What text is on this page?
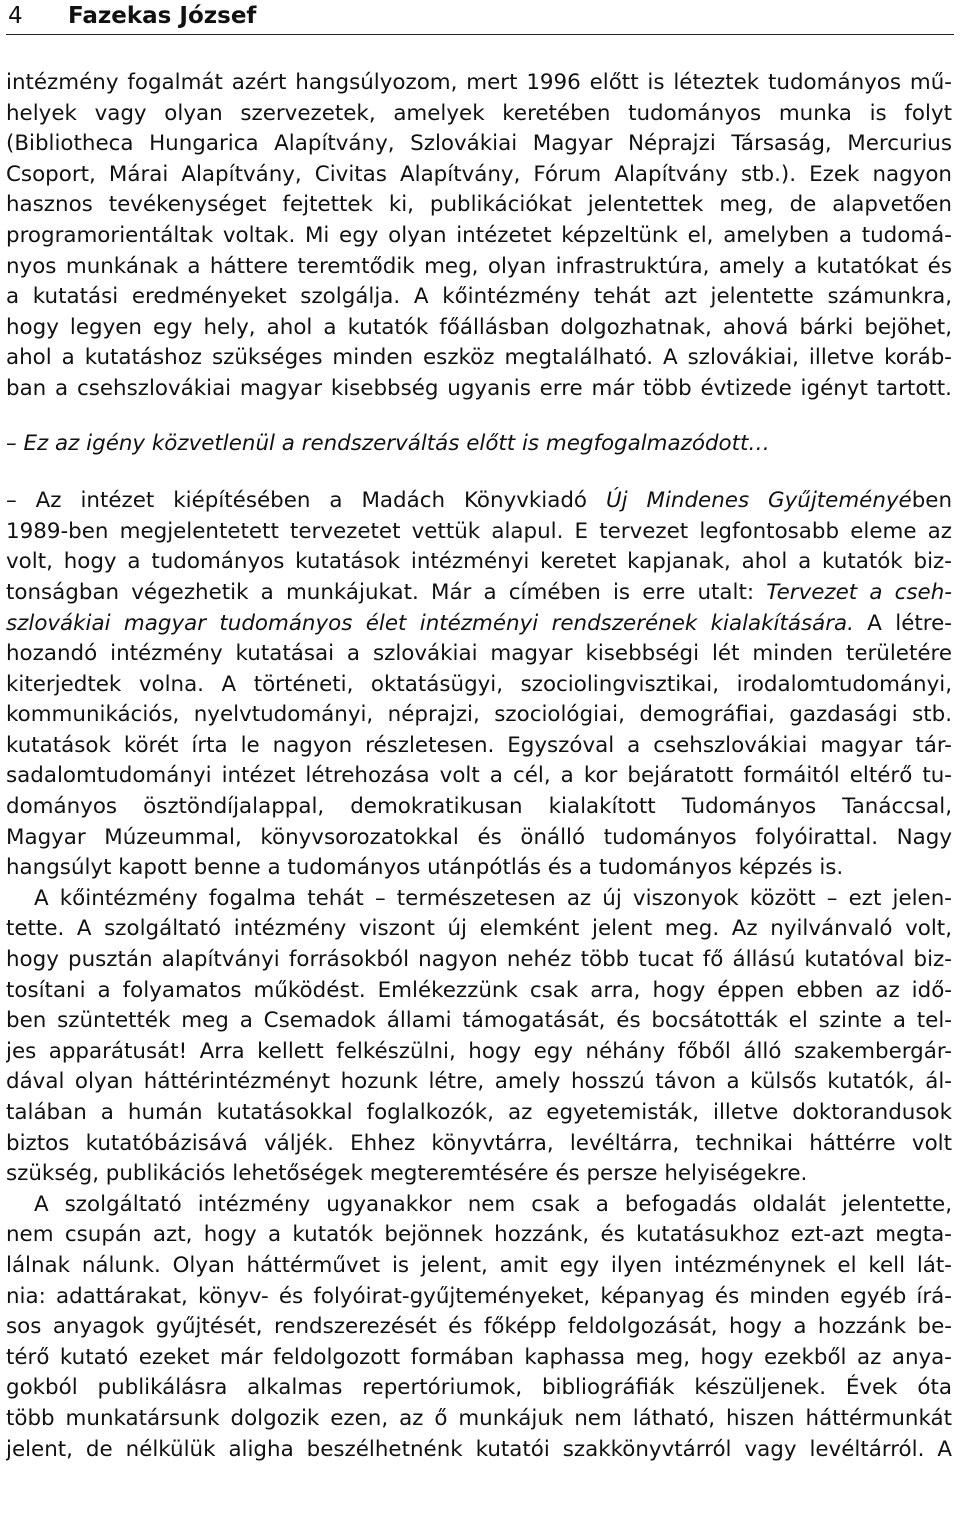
4 Fazekas József
intézmény fogalmát azért hangsúlyozom, mert 1996 előtt is léteztek tudományos mű-
helyek vagy olyan szervezetek, amelyek keretében tudományos munka is folyt
(Bibliotheca Hungarica Alapítvány, Szlovákiai Magyar Néprajzi Társaság, Mercurius
Csoport, Márai Alapítvány, Civitas Alapítvány, Fórum Alapítvány stb.). Ezek nagyon
hasznos tevékenységet fejtettek ki, publikációkat jelentettek meg, de alapvetően
programorientáltak voltak. Mi egy olyan intézetet képzeltünk el, amelyben a tudomá-
nyos munkának a háttere teremtődik meg, olyan infrastruktúra, amely a kutatókat és
a kutatási eredményeket szolgálja. A kőintézmény tehát azt jelentette számunkra,
hogy legyen egy hely, ahol a kutatók főállásban dolgozhatnak, ahová bárki bejöhet,
ahol a kutatáshoz szükséges minden eszköz megtalálható. A szlovákiai, illetve koráb-
ban a csehszlovákiai magyar kisebbség ugyanis erre már több évtizede igényt tartott.
– Ez az igény közvetlenül a rendszerváltás előtt is megfogalmazódott…
– Az intézet kiépítésében a Madách Könyvkiadó Új Mindenes Gyűjteményében
1989-ben megjelentetett tervezetet vettük alapul. E tervezet legfontosabb eleme az
volt, hogy a tudományos kutatások intézményi keretet kapjanak, ahol a kutatók biz-
tonságban végezhetik a munkájukat. Már a címében is erre utalt: Tervezet a cseh-
szlovákiai magyar tudományos élet intézményi rendszerének kialakítására. A létre-
hozandó intézmény kutatásai a szlovákiai magyar kisebbségi lét minden területére
kiterjedtek volna. A történeti, oktatásügyi, szociolingvisztikai, irodalomtudományi,
kommunikációs, nyelvtudományi, néprajzi, szociológiai, demográfiai, gazdasági stb.
kutatások körét írta le nagyon részletesen. Egyszóval a csehszlovákiai magyar tár-
sadalomtudományi intézet létrehozása volt a cél, a kor bejáratott formáitól eltérő tu-
dományos ösztöndíjalappal, demokratikusan kialakított Tudományos Tanáccsal,
Magyar Múzeummal, könyvsorozatokkal és önálló tudományos folyóirattal. Nagy
hangsúlyt kapott benne a tudományos utánpótlás és a tudományos képzés is.
A kőintézmény fogalma tehát – természetesen az új viszonyok között – ezt jelen-
tette. A szolgáltató intézmény viszont új elemként jelent meg. Az nyilvánvaló volt,
hogy pusztán alapítványi forrásokból nagyon nehéz több tucat fő állású kutatóval biz-
tosítani a folyamatos működést. Emlékezzünk csak arra, hogy éppen ebben az idő-
ben szüntették meg a Csemadok állami támogatását, és bocsátották el szinte a tel-
jes apparátusát! Arra kellett felkészülni, hogy egy néhány főből álló szakembergár-
dával olyan háttérintézményt hozunk létre, amely hosszú távon a külsős kutatók, ál-
talában a humán kutatásokkal foglalkozók, az egyetemisták, illetve doktorandusok
biztos kutatóbázisává váljék. Ehhez könyvtárra, levéltárra, technikai háttérre volt
szükség, publikációs lehetőségek megteremtésére és persze helyiségekre.
A szolgáltató intézmény ugyanakkor nem csak a befogadás oldalát jelentette,
nem csupán azt, hogy a kutatók bejönnek hozzánk, és kutatásukhoz ezt-azt megta-
lálnak nálunk. Olyan háttérművet is jelent, amit egy ilyen intézménynek el kell lát-
nia: adattárakat, könyv- és folyóirat-gyűjteményeket, képanyag és minden egyéb írá-
sos anyagok gyűjtését, rendszerezését és főképp feldolgozását, hogy a hozzánk be-
térő kutató ezeket már feldolgozott formában kaphassa meg, hogy ezekből az anya-
gokból publikálásra alkalmas repertóriumok, bibliográfiák készüljenek. Évek óta
több munkatársunk dolgozik ezen, az ő munkájuk nem látható, hiszen háttérmunkát
jelent, de nélkülük aligha beszélhetnénk kutatói szakkönyvtárról vagy levéltárról. A
